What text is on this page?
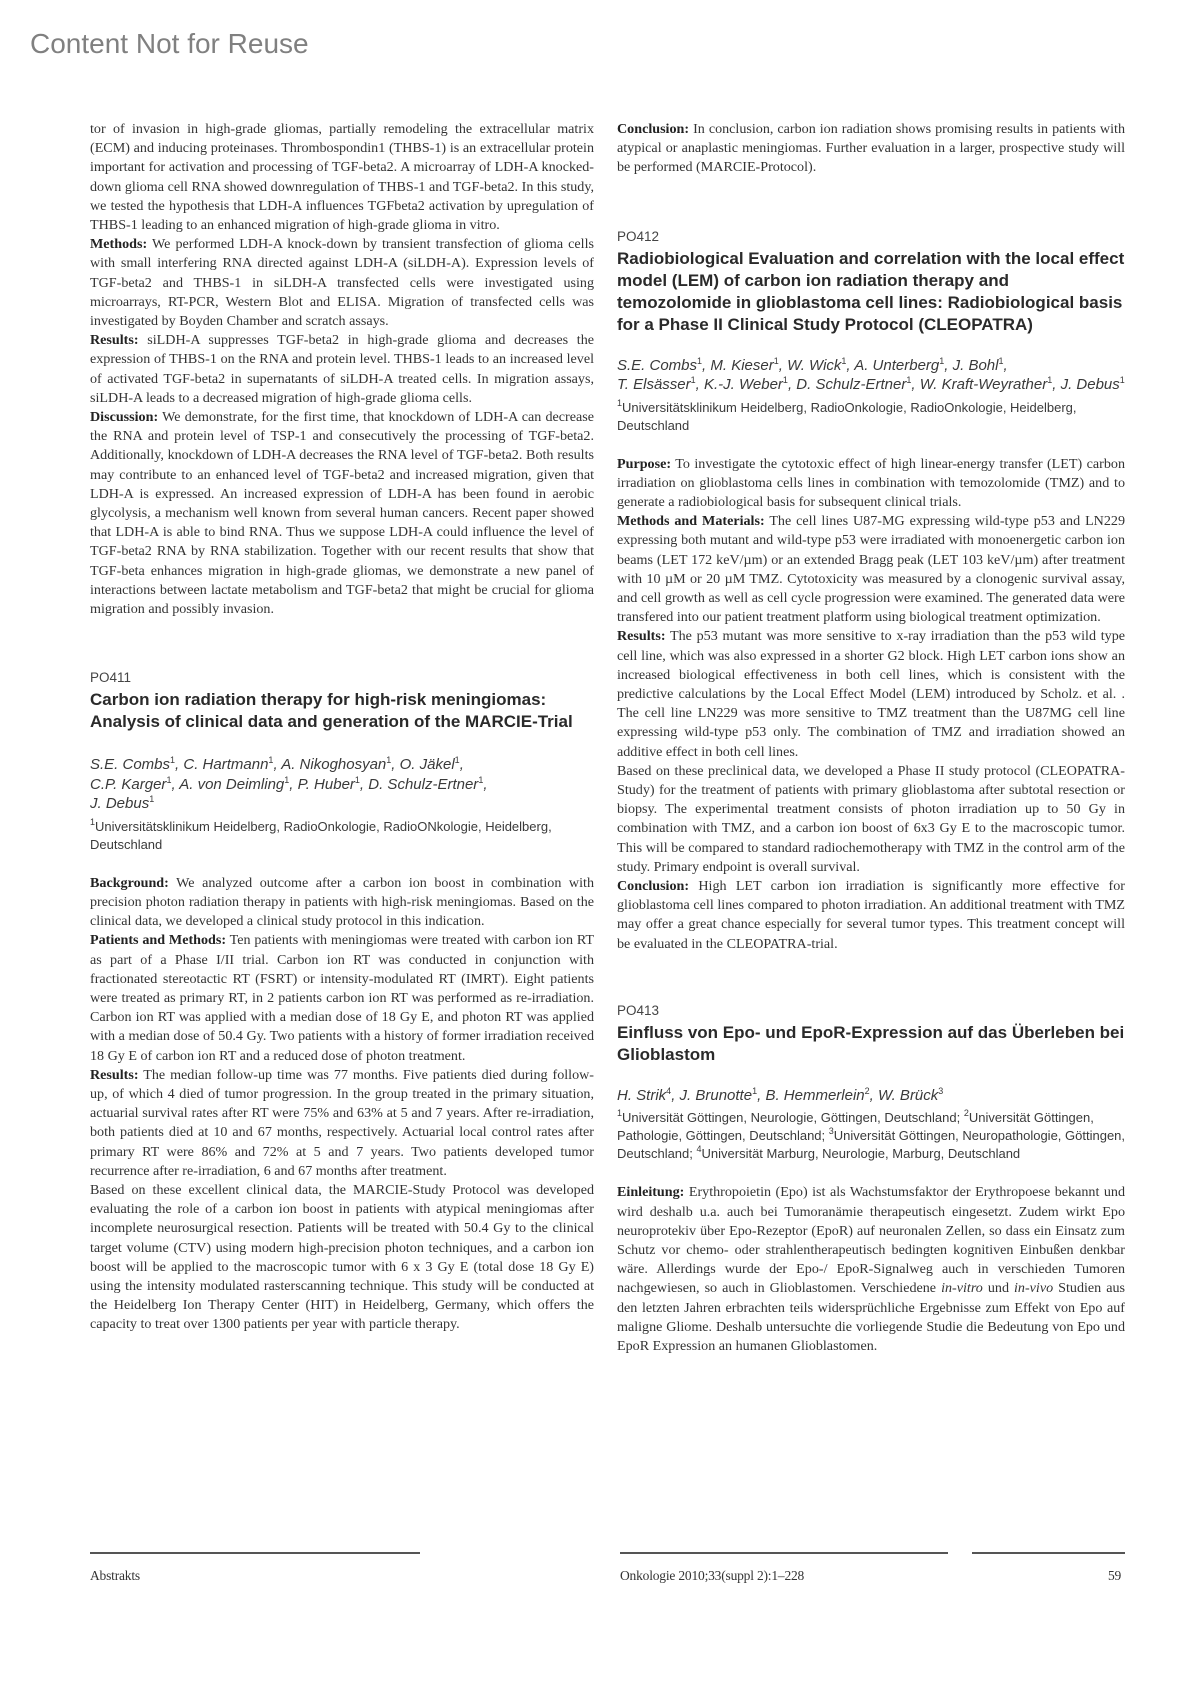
Content Not for Reuse

tor of invasion in high-grade gliomas, partially remodeling the extracellular matrix (ECM) and inducing proteinases. Thrombospondin1 (THBS-1) is an extracellular protein important for activation and processing of TGF-beta2. A microarray of LDH-A knocked-down glioma cell RNA showed downregulation of THBS-1 and TGF-beta2. In this study, we tested the hypothesis that LDH-A influences TGFbeta2 activation by upregulation of THBS-1 leading to an enhanced migration of high-grade glioma in vitro.

Methods: We performed LDH-A knock-down by transient transfection of glioma cells with small interfering RNA directed against LDH-A (siLDH-A). Expression levels of TGF-beta2 and THBS-1 in siLDH-A transfected cells were investigated using microarrays, RT-PCR, Western Blot and ELISA. Migration of transfected cells was investigated by Boyden Chamber and scratch assays.

Results: siLDH-A suppresses TGF-beta2 in high-grade glioma and decreases the expression of THBS-1 on the RNA and protein level. THBS-1 leads to an increased level of activated TGF-beta2 in supernatants of siLDH-A treated cells. In migration assays, siLDH-A leads to a decreased migration of high-grade glioma cells.

Discussion: We demonstrate, for the first time, that knockdown of LDH-A can decrease the RNA and protein level of TSP-1 and consecutively the processing of TGF-beta2. Additionally, knockdown of LDH-A decreases the RNA level of TGF-beta2. Both results may contribute to an enhanced level of TGF-beta2 and increased migration, given that LDH-A is expressed. An increased expression of LDH-A has been found in aerobic glycolysis, a mechanism well known from several human cancers. Recent paper showed that LDH-A is able to bind RNA. Thus we suppose LDH-A could influence the level of TGF-beta2 RNA by RNA stabilization. Together with our recent results that show that TGF-beta enhances migration in high-grade gliomas, we demonstrate a new panel of interactions between lactate metabolism and TGF-beta2 that might be crucial for glioma migration and possibly invasion.

PO411

Carbon ion radiation therapy for high-risk meningiomas: Analysis of clinical data and generation of the MARCIE-Trial

S.E. Combs$^1$, C. Hartmann$^1$, A. Nikoghosyan$^1$, O. Jäkel$^1$,
C.P. Karger$^1$, A. von Deimling$^1$, P. Huber$^1$, D. Schulz-Ertner$^1$,
J. Debus$^1$

$^1$Universitätsklinikum Heidelberg, RadioOnkologie, RadioONkologie, Heidelberg, Deutschland

Background: We analyzed outcome after a carbon ion boost in combination with precision photon radiation therapy in patients with high-risk meningiomas. Based on the clinical data, we developed a clinical study protocol in this indication.

Patients and Methods: Ten patients with meningiomas were treated with carbon ion RT as part of a Phase I/II trial. Carbon ion RT was conducted in conjunction with fractionated stereotactic RT (FSRT) or intensity-modulated RT (IMRT). Eight patients were treated as primary RT, in 2 patients carbon ion RT was performed as re-irradiation. Carbon ion RT was applied with a median dose of 18 Gy E, and photon RT was applied with a median dose of 50.4 Gy. Two patients with a history of former irradiation received 18 Gy E of carbon ion RT and a reduced dose of photon treatment.

Results: The median follow-up time was 77 months. Five patients died during follow-up, of which 4 died of tumor progression. In the group treated in the primary situation, actuarial survival rates after RT were 75% and 63% at 5 and 7 years. After re-irradiation, both patients died at 10 and 67 months, respectively. Actuarial local control rates after primary RT were 86% and 72% at 5 and 7 years. Two patients developed tumor recurrence after re-irradiation, 6 and 67 months after treatment.

Based on these excellent clinical data, the MARCIE-Study Protocol was developed evaluating the role of a carbon ion boost in patients with atypical meningiomas after incomplete neurosurgical resection. Patients will be treated with 50.4 Gy to the clinical target volume (CTV) using modern high-precision photon techniques, and a carbon ion boost will be applied to the macroscopic tumor with 6 x 3 Gy E (total dose 18 Gy E) using the intensity modulated rasterscanning technique. This study will be conducted at the Heidelberg Ion Therapy Center (HIT) in Heidelberg, Germany, which offers the capacity to treat over 1300 patients per year with particle therapy.

Conclusion: In conclusion, carbon ion radiation shows promising results in patients with atypical or anaplastic meningiomas. Further evaluation in a larger, prospective study will be performed (MARCIE-Protocol).

PO412

Radiobiological Evaluation and correlation with the local effect model (LEM) of carbon ion radiation therapy and temozolomide in glioblastoma cell lines: Radiobiological basis for a Phase II Clinical Study Protocol (CLEOPATRA)

S.E. Combs$^1$, M. Kieser$^1$, W. Wick$^1$, A. Unterberg$^1$, J. Bohl$^1$,
T. Elsässer$^1$, K.-J. Weber$^1$, D. Schulz-Ertner$^1$, W. Kraft-Weyrather$^1$, J. Debus$^1$

$^1$Universitätsklinikum Heidelberg, RadioOnkologie, RadioOnkologie, Heidelberg, Deutschland

Purpose: To investigate the cytotoxic effect of high linear-energy transfer (LET) carbon irradiation on glioblastoma cells lines in combination with temozolomide (TMZ) and to generate a radiobiological basis for subsequent clinical trials.

Methods and Materials: The cell lines U87-MG expressing wild-type p53 and LN229 expressing both mutant and wild-type p53 were irradiated with monoenergetic carbon ion beams (LET 172 keV/µm) or an extended Bragg peak (LET 103 keV/µm) after treatment with 10 µM or 20 µM TMZ. Cytotoxicity was measured by a clonogenic survival assay, and cell growth as well as cell cycle progression were examined. The generated data were transfered into our patient treatment platform using biological treatment optimization.

Results: The p53 mutant was more sensitive to x-ray irradiation than the p53 wild type cell line, which was also expressed in a shorter G2 block. High LET carbon ions show an increased biological effectiveness in both cell lines, which is consistent with the predictive calculations by the Local Effect Model (LEM) introduced by Scholz. et al. . The cell line LN229 was more sensitive to TMZ treatment than the U87MG cell line expressing wild-type p53 only. The combination of TMZ and irradiation showed an additive effect in both cell lines.

Based on these preclinical data, we developed a Phase II study protocol (CLEOPATRA-Study) for the treatment of patients with primary glioblastoma after subtotal resection or biopsy. The experimental treatment consists of photon irradiation up to 50 Gy in combination with TMZ, and a carbon ion boost of 6x3 Gy E to the macroscopic tumor. This will be compared to standard radiochemotherapy with TMZ in the control arm of the study. Primary endpoint is overall survival.

Conclusion: High LET carbon ion irradiation is significantly more effective for glioblastoma cell lines compared to photon irradiation. An additional treatment with TMZ may offer a great chance especially for several tumor types. This treatment concept will be evaluated in the CLEOPATRA-trial.

PO413

Einfluss von Epo- und EpoR-Expression auf das Überleben bei Glioblastom

H. Strik$^4$, J. Brunotte$^1$, B. Hemmerlein$^2$, W. Brück$^3$

$^1$Universität Göttingen, Neurologie, Göttingen, Deutschland; $^2$Universität Göttingen, Pathologie, Göttingen, Deutschland; $^3$Universität Göttingen, Neuropathologie, Göttingen, Deutschland; $^4$Universität Marburg, Neurologie, Marburg, Deutschland

Einleitung: Erythropoietin (Epo) ist als Wachstumsfaktor der Erythropoese bekannt und wird deshalb u.a. auch bei Tumoranämie therapeutisch eingesetzt. Zudem wirkt Epo neuroprotekiv über Epo-Rezeptor (EpoR) auf neuronalen Zellen, so dass ein Einsatz zum Schutz vor chemo- oder strahlentherapeutisch bedingten kognitiven Einbußen denkbar wäre. Allerdings wurde der Epo-/ EpoR-Signalweg auch in verschieden Tumoren nachgewiesen, so auch in Glioblastomen. Verschiedene in-vitro und in-vivo Studien aus den letzten Jahren erbrachten teils widersprüchliche Ergebnisse zum Effekt von Epo auf maligne Gliome. Deshalb untersuchte die vorliegende Studie die Bedeutung von Epo und EpoR Expression an humanen Glioblastomen.

Abstrakts	Onkologie 2010;33(suppl 2):1–228	59
